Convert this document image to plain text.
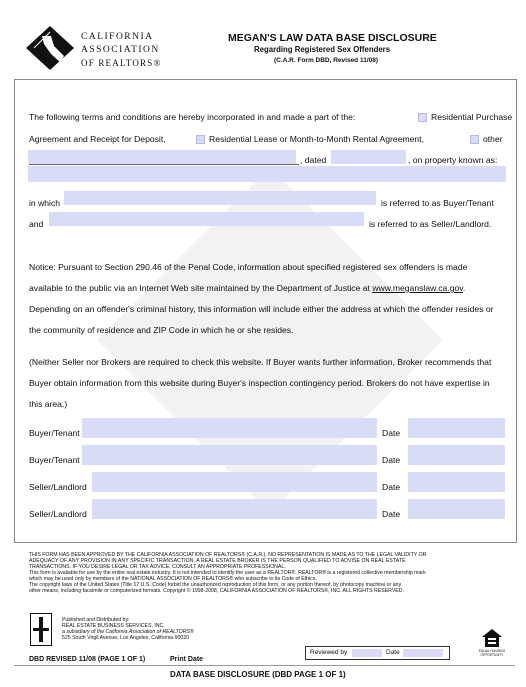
CALIFORNIA
ASSOCIATION
OF REALTORS®
MEGAN'S LAW DATA BASE DISCLOSURE
Regarding Registered Sex Offenders
(C.A.R. Form DBD, Revised 11/08)
The following terms and conditions are hereby incorporated in and made a part of the:	Residential Purchase
Agreement and Receipt for Deposit,	Residential Lease or Month-to-Month Rental Agreement,	other
, dated	, on property known as:
in which	is referred to as Buyer/Tenant
and	is referred to as Seller/Landlord.
Notice: Pursuant to Section 290.46 of the Penal Code, information about specified registered sex offenders is made
available to the public via an Internet Web site maintained by the Department of Justice at www.meganslaw.ca.gov.
Depending on an offender's criminal history, this information will include either the address at which the offender resides or
the community of residence and ZIP Code in which he or she resides.
(Neither Seller nor Brokers are required to check this website. If Buyer wants further information, Broker recommends that
Buyer obtain information from this website during Buyer's inspection contingency period. Brokers do not have expertise in
this area.)
Buyer/Tenant	Date
Buyer/Tenant	Date
Seller/Landlord	Date
Seller/Landlord	Date
THIS FORM HAS BEEN APPROVED BY THE CALIFORNIA ASSOCIATION OF REALTORS® (C.A.R.). NO REPRESENTATION IS MADE AS TO THE LEGAL VALIDITY OR
ADEQUACY OF ANY PROVISION IN ANY SPECIFIC TRANSACTION. A REAL ESTATE BROKER IS THE PERSON QUALIFIED TO ADVISE ON REAL ESTATE
TRANSACTIONS. IF YOU DESIRE LEGAL OR TAX ADVICE, CONSULT AN APPROPRIATE PROFESSIONAL.
This form is available for use by the entire real estate industry. It is not intended to identify the user as a REALTOR®. REALTOR® is a registered collective membership mark
which may be used only by members of the NATIONAL ASSOCIATION OF REALTORS® who subscribe to its Code of Ethics.
The copyright laws of the United States (Title 17 U.S. Code) forbid the unauthorized reproduction of this form, or any portion thereof, by photocopy machine or any
other means, including facsimile or computerized formats. Copyright © 1998-2008, CALIFORNIA ASSOCIATION OF REALTORS®, INC. ALL RIGHTS RESERVED.
Published and Distributed by:
REAL ESTATE BUSINESS SERVICES, INC.
a subsidiary of the California Association of REALTORS®
525 South Virgil Avenue, Los Angeles, California 90020
Reviewed by	Date	EQUAL HOUSING OPPORTUNITY
DBD REVISED 11/08 (PAGE 1 OF 1)	Print Date
DATA BASE DISCLOSURE (DBD PAGE 1 OF 1)
